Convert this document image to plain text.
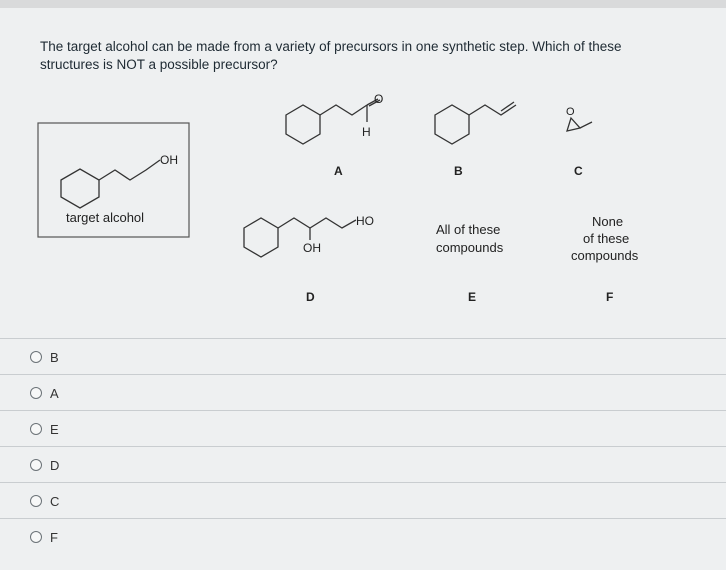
The target alcohol can be made from a variety of precursors in one synthetic step. Which of these structures is NOT a possible precursor?
OH
target alcohol
O
H
A	B
O
C
HO
OH
D
All of these
compounds
E
None
of these
compounds
F
B
A
E
D
C
F
